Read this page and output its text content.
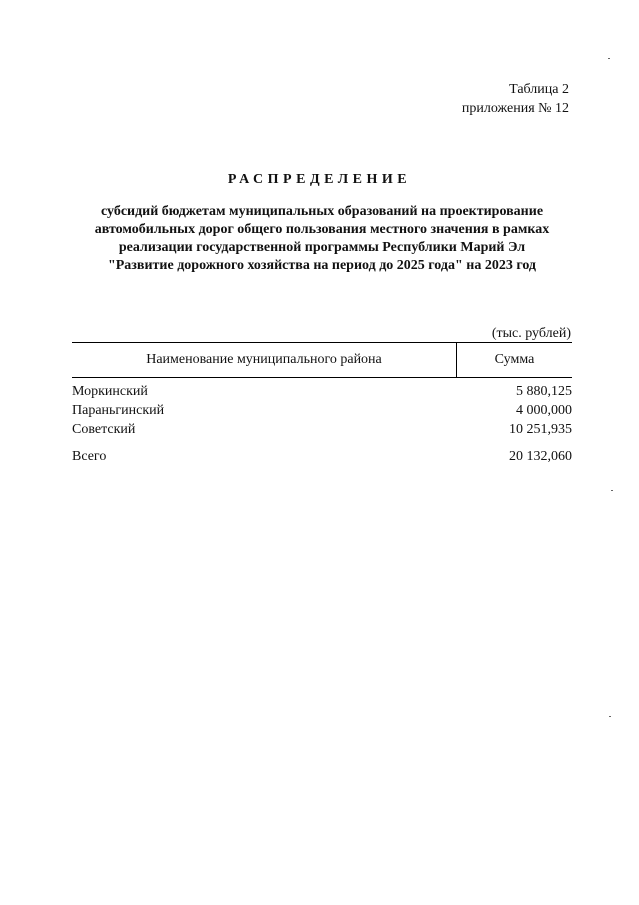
Таблица 2
приложения № 12
РАСПРЕДЕЛЕНИЕ
субсидий бюджетам муниципальных образований на проектирование
автомобильных дорог общего пользования местного значения в рамках
реализации государственной программы Республики Марий Эл
"Развитие дорожного хозяйства на период до 2025 года" на 2023 год
(тыс. рублей)
Наименование муниципального района	Сумма
Моркинский	5 880,125
Параньгинский	4 000,000
Советский	10 251,935
Всего	20 132,060
